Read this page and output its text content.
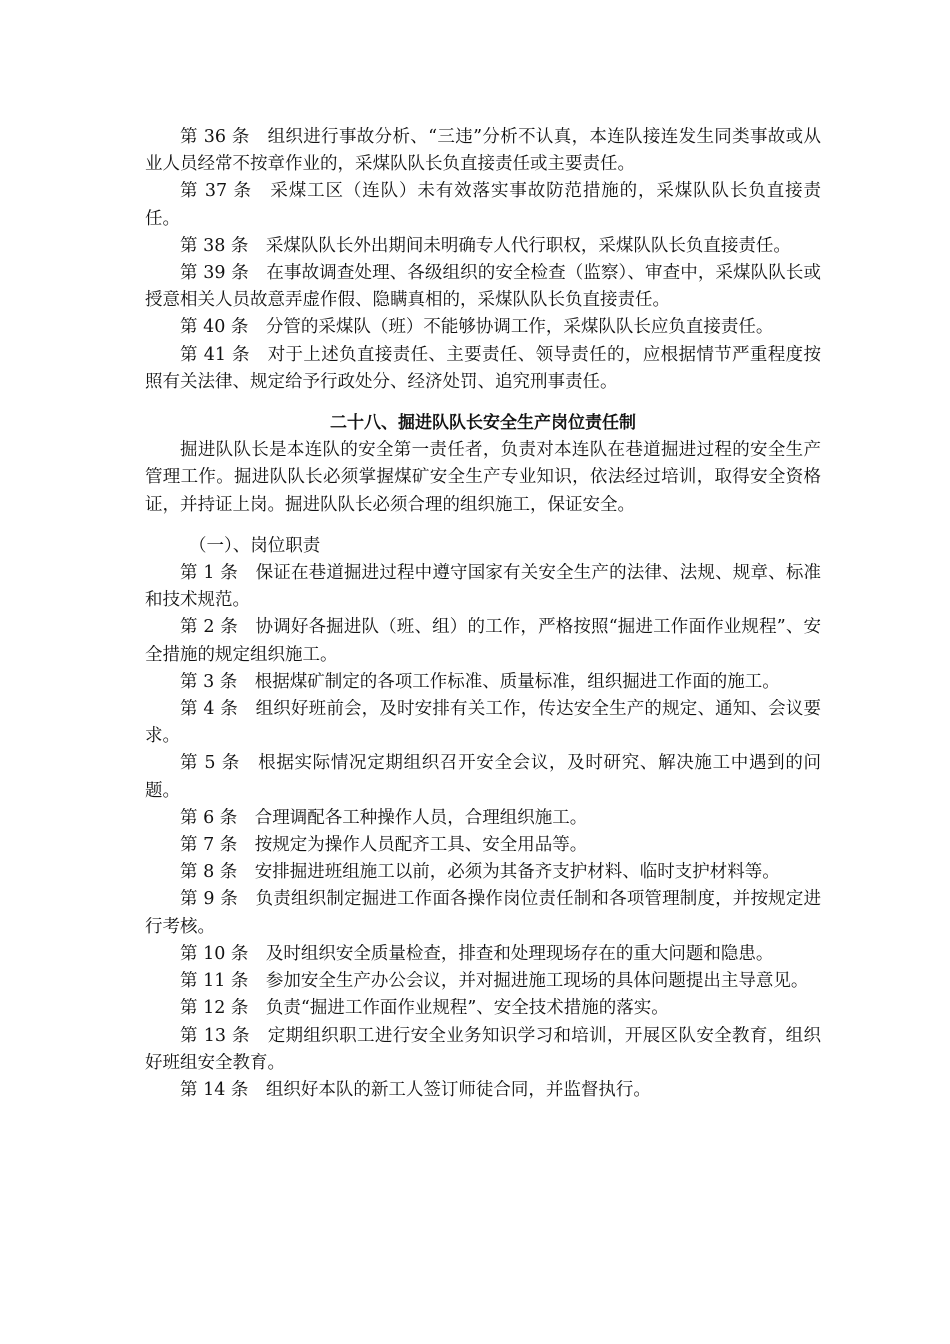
第 36 条　组织进行事故分析、“三违”分析不认真，本连队接连发生同类事故或从业人员经常不按章作业的，采煤队队长负直接责任或主要责任。

第 37 条　采煤工区（连队）未有效落实事故防范措施的，采煤队队长负直接责任。

第 38 条　采煤队队长外出期间未明确专人代行职权，采煤队队长负直接责任。

第 39 条　在事故调查处理、各级组织的安全检查（监察）、审查中，采煤队队长或授意相关人员故意弄虚作假、隐瞒真相的，采煤队队长负直接责任。

第 40 条　分管的采煤队（班）不能够协调工作，采煤队队长应负直接责任。

第 41 条　对于上述负直接责任、主要责任、领导责任的，应根据情节严重程度按照有关法律、规定给予行政处分、经济处罚、追究刑事责任。

二十八、掘进队队长安全生产岗位责任制

掘进队队长是本连队的安全第一责任者，负责对本连队在巷道掘进过程的安全生产管理工作。掘进队队长必须掌握煤矿安全生产专业知识，依法经过培训，取得安全资格证，并持证上岗。掘进队队长必须合理的组织施工，保证安全。

（一）、岗位职责

第 1 条　保证在巷道掘进过程中遵守国家有关安全生产的法律、法规、规章、标准和技术规范。

第 2 条　协调好各掘进队（班、组）的工作，严格按照“掘进工作面作业规程”、安全措施的规定组织施工。

第 3 条　根据煤矿制定的各项工作标准、质量标准，组织掘进工作面的施工。

第 4 条　组织好班前会，及时安排有关工作，传达安全生产的规定、通知、会议要求。

第 5 条　根据实际情况定期组织召开安全会议，及时研究、解决施工中遇到的问题。

第 6 条　合理调配各工种操作人员，合理组织施工。

第 7 条　按规定为操作人员配齐工具、安全用品等。

第 8 条　安排掘进班组施工以前，必须为其备齐支护材料、临时支护材料等。

第 9 条　负责组织制定掘进工作面各操作岗位责任制和各项管理制度，并按规定进行考核。

第 10 条　及时组织安全质量检查，排查和处理现场存在的重大问题和隐患。

第 11 条　参加安全生产办公会议，并对掘进施工现场的具体问题提出主导意见。

第 12 条　负责“掘进工作面作业规程”、安全技术措施的落实。

第 13 条　定期组织职工进行安全业务知识学习和培训，开展区队安全教育，组织好班组安全教育。

第 14 条　组织好本队的新工人签订师徒合同，并监督执行。
